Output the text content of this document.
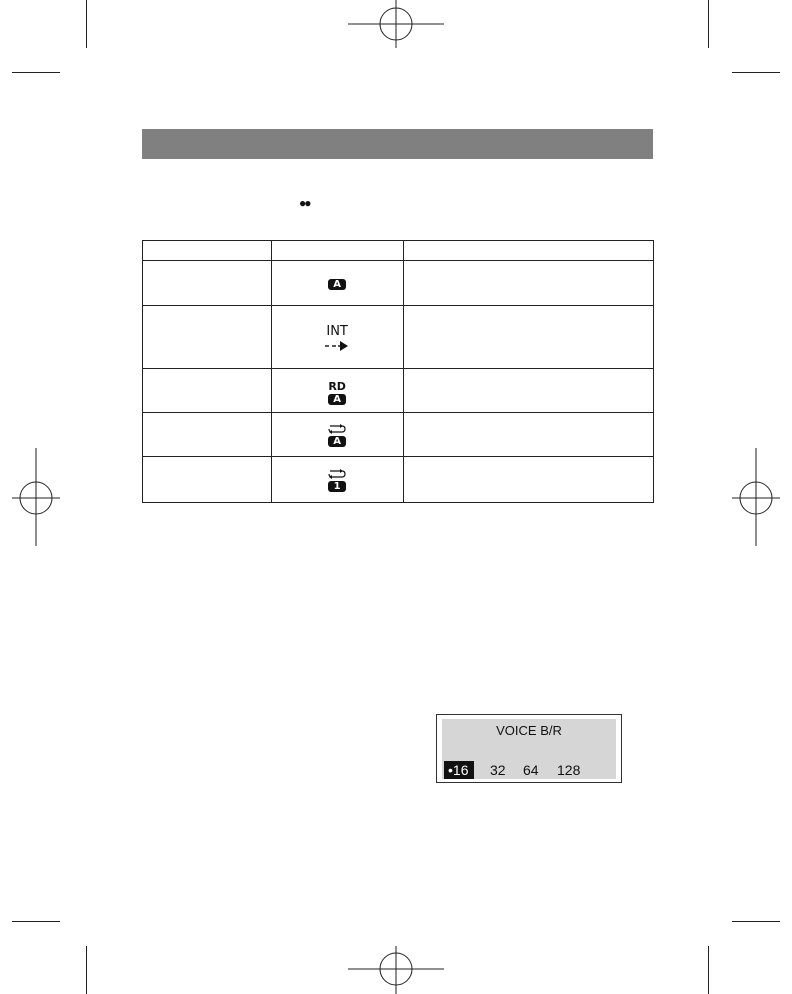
●●

	A	

	INT	

	RD
A	

	A	

	1	

VOICE B/R
•16	32 64 128
